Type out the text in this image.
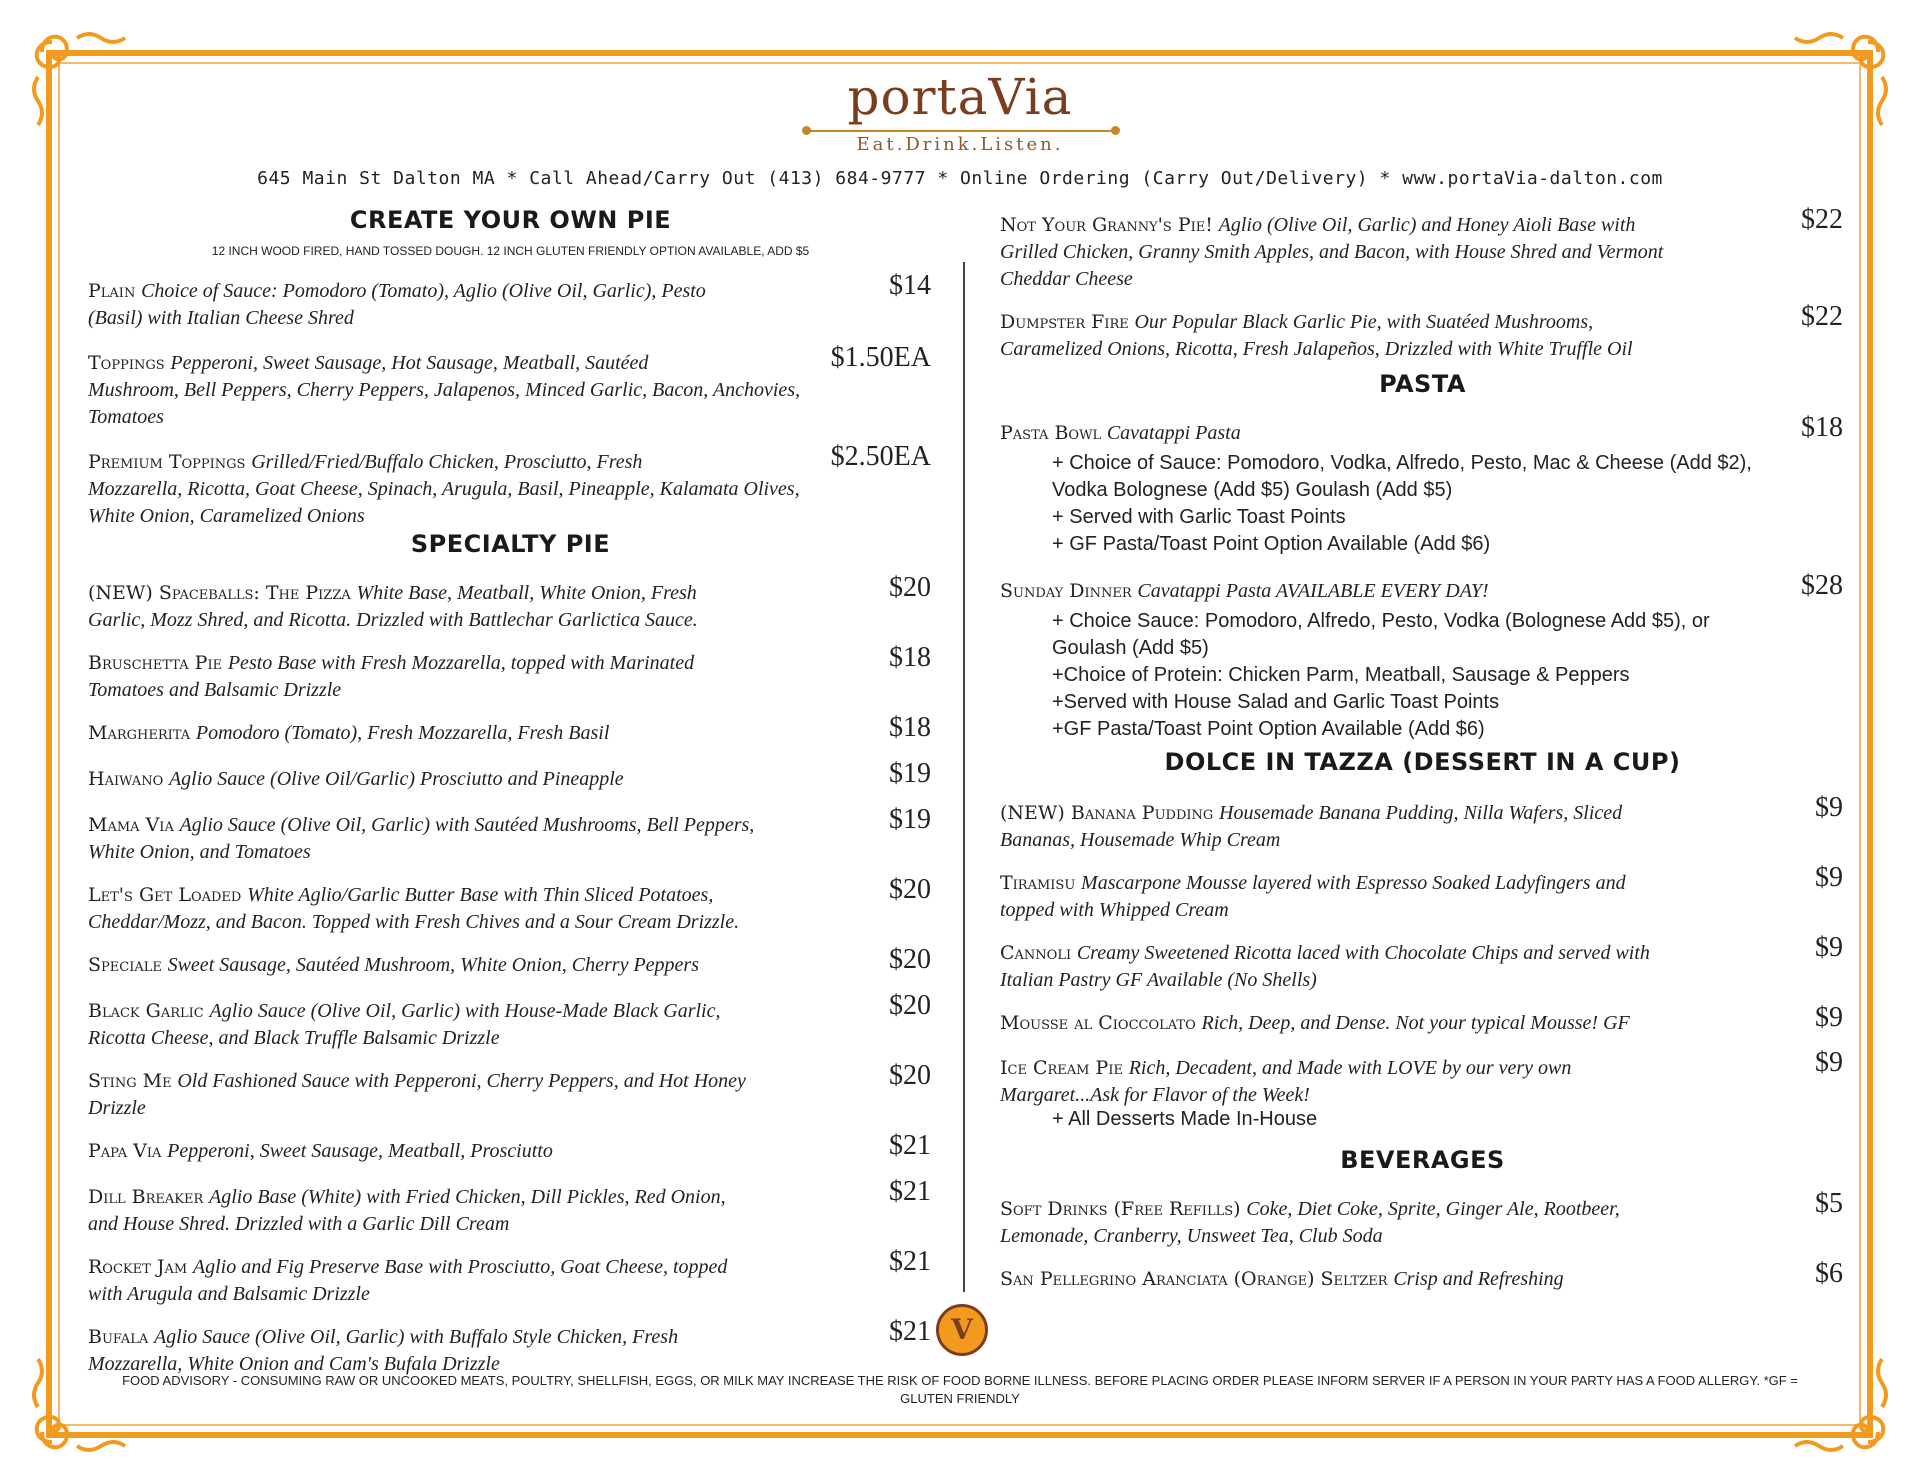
portaVia
Eat.Drink.Listen.
645 Main St Dalton MA * Call Ahead/Carry Out (413) 684-9777 * Online Ordering (Carry Out/Delivery) * www.portaVia-dalton.com
CREATE YOUR OWN PIE
12 INCH WOOD FIRED, HAND TOSSED DOUGH. 12 INCH GLUTEN FRIENDLY OPTION AVAILABLE, ADD $5
Plain Choice of Sauce: Pomodoro (Tomato), Aglio (Olive Oil, Garlic), Pesto
(Basil) with Italian Cheese Shred
$14
Toppings Pepperoni, Sweet Sausage, Hot Sausage, Meatball, Sautéed
Mushroom, Bell Peppers, Cherry Peppers, Jalapenos, Minced Garlic, Bacon, Anchovies,
Tomatoes
$1.50EA
Premium Toppings Grilled/Fried/Buffalo Chicken, Prosciutto, Fresh
Mozzarella, Ricotta, Goat Cheese, Spinach, Arugula, Basil, Pineapple, Kalamata Olives,
White Onion, Caramelized Onions
$2.50EA
(NEW) Spaceballs: The Pizza White Base, Meatball, White Onion, Fresh
Garlic, Mozz Shred, and Ricotta. Drizzled with Battlechar Garlictica Sauce.
$20
Bruschetta Pie Pesto Base with Fresh Mozzarella, topped with Marinated
Tomatoes and Balsamic Drizzle
$18
Margherita Pomodoro (Tomato), Fresh Mozzarella, Fresh Basil	$18
Haiwano Aglio Sauce (Olive Oil/Garlic) Prosciutto and Pineapple	$19
Mama Via Aglio Sauce (Olive Oil, Garlic) with Sautéed Mushrooms, Bell Peppers,
White Onion, and Tomatoes
$19
Let's Get Loaded White Aglio/Garlic Butter Base with Thin Sliced Potatoes,
Cheddar/Mozz, and Bacon. Topped with Fresh Chives and a Sour Cream Drizzle.
$20
Speciale Sweet Sausage, Sautéed Mushroom, White Onion, Cherry Peppers	$20
Black Garlic Aglio Sauce (Olive Oil, Garlic) with House-Made Black Garlic,
Ricotta Cheese, and Black Truffle Balsamic Drizzle
$20
Sting Me Old Fashioned Sauce with Pepperoni, Cherry Peppers, and Hot Honey
Drizzle
$20
Papa Via Pepperoni, Sweet Sausage, Meatball, Prosciutto	$21
Dill Breaker Aglio Base (White) with Fried Chicken, Dill Pickles, Red Onion,
and House Shred. Drizzled with a Garlic Dill Cream
$21
Rocket Jam Aglio and Fig Preserve Base with Prosciutto, Goat Cheese, topped
with Arugula and Balsamic Drizzle
$21
Bufala Aglio Sauce (Olive Oil, Garlic) with Buffalo Style Chicken, Fresh
Mozzarella, White Onion and Cam's Bufala Drizzle
$21
SPECIALTY PIE
Not Your Granny's Pie! Aglio (Olive Oil, Garlic) and Honey Aioli Base with
Grilled Chicken, Granny Smith Apples, and Bacon, with House Shred and Vermont
Cheddar Cheese
$22
Dumpster Fire Our Popular Black Garlic Pie, with Suatéed Mushrooms,
Caramelized Onions, Ricotta, Fresh Jalapeños, Drizzled with White Truffle Oil
$22
Pasta Bowl Cavatappi Pasta	$18
+ Choice of Sauce: Pomodoro, Vodka, Alfredo, Pesto, Mac & Cheese (Add $2),
Vodka Bolognese (Add $5) Goulash (Add $5)
+ Served with Garlic Toast Points
+ GF Pasta/Toast Point Option Available (Add $6)
Sunday Dinner Cavatappi Pasta AVAILABLE EVERY DAY!	$28
+ Choice Sauce: Pomodoro, Alfredo, Pesto, Vodka (Bolognese Add $5), or
Goulash (Add $5)
+Choice of Protein: Chicken Parm, Meatball, Sausage & Peppers
+Served with House Salad and Garlic Toast Points
+GF Pasta/Toast Point Option Available (Add $6)
(NEW) Banana Pudding Housemade Banana Pudding, Nilla Wafers, Sliced
Bananas, Housemade Whip Cream
$9
Tiramisu Mascarpone Mousse layered with Espresso Soaked Ladyfingers and
topped with Whipped Cream
$9
Cannoli Creamy Sweetened Ricotta laced with Chocolate Chips and served with
Italian Pastry GF Available (No Shells)
$9
Mousse al Cioccolato Rich, Deep, and Dense. Not your typical Mousse! GF	$9
Ice Cream Pie Rich, Decadent, and Made with LOVE by our very own
Margaret...Ask for Flavor of the Week!
$9
Soft Drinks (Free Refills) Coke, Diet Coke, Sprite, Ginger Ale, Rootbeer,
Lemonade, Cranberry, Unsweet Tea, Club Soda
$5
San Pellegrino Aranciata (Orange) Seltzer Crisp and Refreshing	$6
PASTA
DOLCE IN TAZZA (DESSERT IN A CUP)
+ All Desserts Made In-House
BEVERAGES
V
FOOD ADVISORY - CONSUMING RAW OR UNCOOKED MEATS, POULTRY, SHELLFISH, EGGS, OR MILK MAY INCREASE THE RISK OF FOOD BORNE ILLNESS. BEFORE PLACING ORDER PLEASE INFORM SERVER IF A PERSON IN YOUR PARTY HAS A FOOD ALLERGY. *GF = GLUTEN FRIENDLY
